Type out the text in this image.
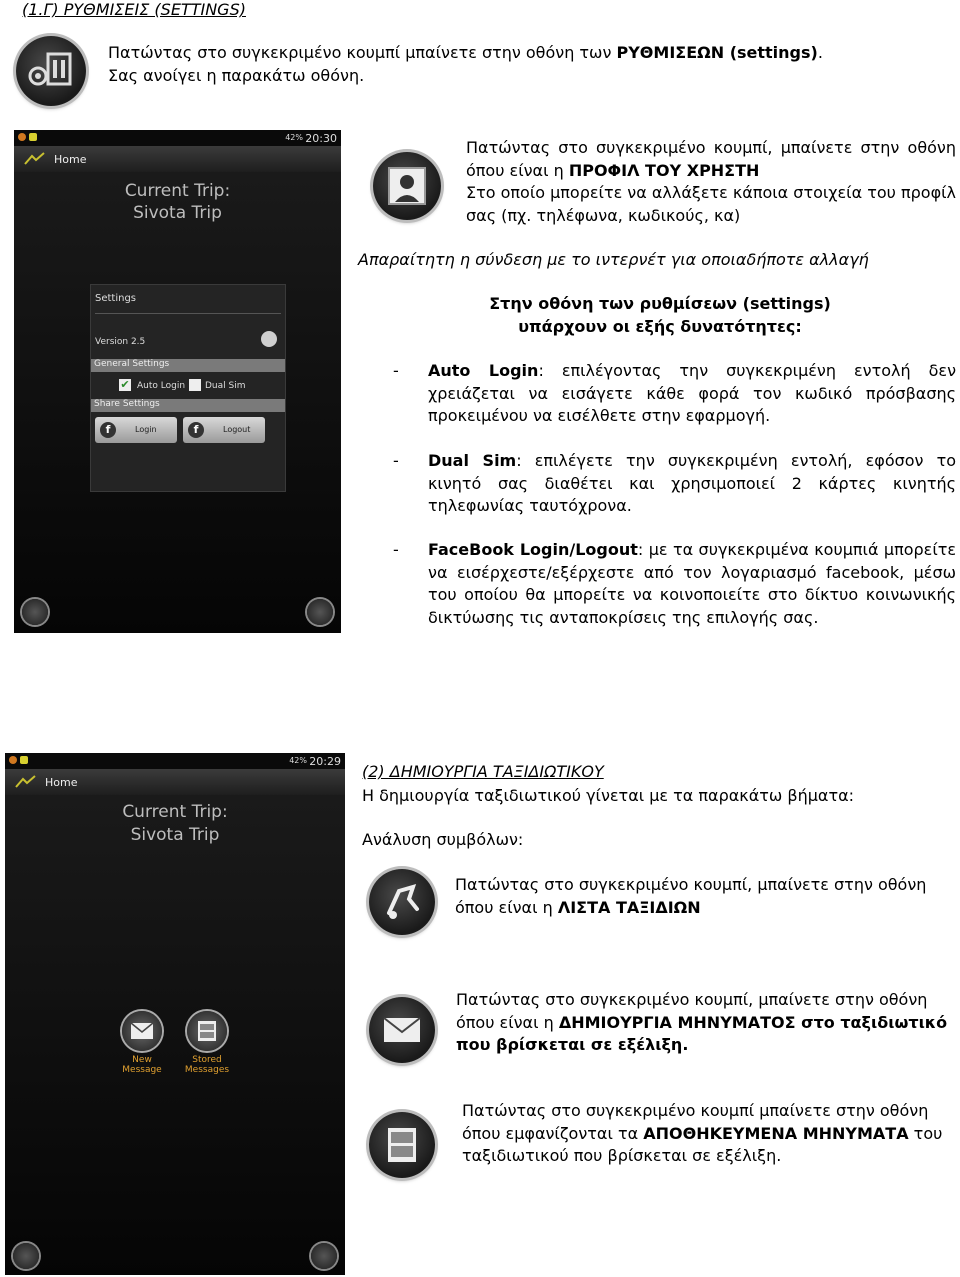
(1.Γ) ΡΥΘΜΙΣΕΙΣ (SETTINGS)
Πατώντας στο συγκεκριμένο κουμπί μπαίνετε στην οθόνη των ΡΥΘΜΙΣΕΩΝ (settings).
Σας ανοίγει η παρακάτω οθόνη.
42% 20:30
Home
Current Trip:
Sivota Trip
Settings
Version 2.5
General Settings
✔ Auto Login Dual Sim
Share Settings
f	Login	f	Logout
Πατώντας στο συγκεκριμένο κουμπί, μπαίνετε στην οθόνη όπου είναι η ΠΡΟΦΙΛ ΤΟΥ ΧΡΗΣΤΗ
Στο οποίο μπορείτε να αλλάξετε κάποια στοιχεία του προφίλ σας (πχ. τηλέφωνα, κωδικούς, κα)
Απαραίτητη η σύνδεση με το ιντερνέτ για οποιαδήποτε αλλαγή
Στην οθόνη των ρυθμίσεων (settings)
υπάρχουν οι εξής δυνατότητες:
- Auto Login: επιλέγοντας την συγκεκριμένη εντολή δεν χρειάζεται να εισάγετε κάθε φορά τον κωδικό πρόσβασης προκειμένου να εισέλθετε στην εφαρμογή.
- Dual Sim: επιλέγετε την συγκεκριμένη εντολή, εφόσον το κινητό σας διαθέτει και χρησιμοποιεί 2 κάρτες κινητής τηλεφωνίας ταυτόχρονα.
- FaceBook Login/Logout: με τα συγκεκριμένα κουμπιά μπορείτε να εισέρχεστε/εξέρχεστε από τον λογαριασμό facebook, μέσω του οποίου θα μπορείτε να κοινοποιείτε στο δίκτυο κοινωνικής δικτύωσης τις ανταποκρίσεις της επιλογής σας.
42% 20:29
Home
Current Trip:
Sivota Trip
New
Message
Stored
Messages
(2) ΔΗΜΙΟΥΡΓΙΑ ΤΑΞΙΔΙΩΤΙΚΟΥ
Η δημιουργία ταξιδιωτικού γίνεται με τα παρακάτω βήματα:
Ανάλυση συμβόλων:
Πατώντας στο συγκεκριμένο κουμπί, μπαίνετε στην οθόνη όπου είναι η ΛΙΣΤΑ ΤΑΞΙΔΙΩΝ
Πατώντας στο συγκεκριμένο κουμπί, μπαίνετε στην οθόνη όπου είναι η ΔΗΜΙΟΥΡΓΙΑ ΜΗΝΥΜΑΤΟΣ στο ταξιδιωτικό που βρίσκεται σε εξέλιξη.
Πατώντας στο συγκεκριμένο κουμπί μπαίνετε στην οθόνη όπου εμφανίζονται τα ΑΠΟΘΗΚΕΥΜΕΝΑ ΜΗΝΥΜΑΤΑ του ταξιδιωτικού που βρίσκεται σε εξέλιξη.
